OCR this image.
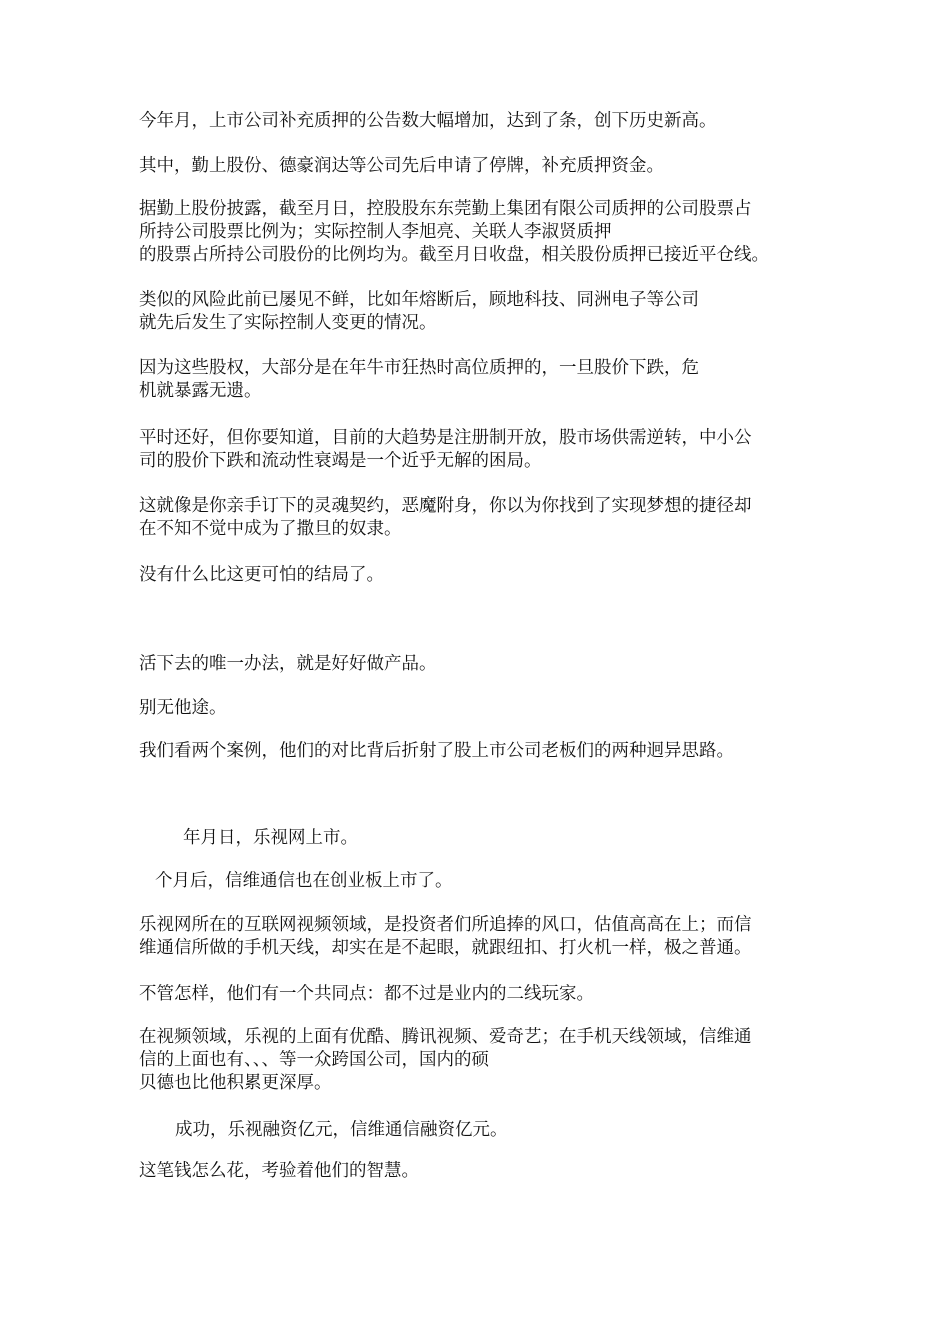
今年月，上市公司补充质押的公告数大幅增加，达到了条，创下历史新高。

其中，勤上股份、德豪润达等公司先后申请了停牌，补充质押资金。

据勤上股份披露，截至月日，控股股东东莞勤上集团有限公司质押的公司股票占
所持公司股票比例为；实际控制人李旭亮、关联人李淑贤质押
的股票占所持公司股份的比例均为。截至月日收盘，相关股份质押已接近平仓线。

类似的风险此前已屡见不鲜，比如年熔断后，顾地科技、同洲电子等公司
就先后发生了实际控制人变更的情况。

因为这些股权，大部分是在年牛市狂热时高位质押的，一旦股价下跌，危
机就暴露无遗。

平时还好，但你要知道，目前的大趋势是注册制开放，股市场供需逆转，中小公
司的股价下跌和流动性衰竭是一个近乎无解的困局。

这就像是你亲手订下的灵魂契约，恶魔附身，你以为你找到了实现梦想的捷径却
在不知不觉中成为了撒旦的奴隶。

没有什么比这更可怕的结局了。

活下去的唯一办法，就是好好做产品。

别无他途。

我们看两个案例，他们的对比背后折射了股上市公司老板们的两种迥异思路。

年月日，乐视网上市。

个月后，信维通信也在创业板上市了。

乐视网所在的互联网视频领域，是投资者们所追捧的风口，估值高高在上；而信
维通信所做的手机天线，却实在是不起眼，就跟纽扣、打火机一样，极之普通。

不管怎样，他们有一个共同点：都不过是业内的二线玩家。

在视频领域，乐视的上面有优酷、腾讯视频、爱奇艺；在手机天线领域，信维通
信的上面也有、、、等一众跨国公司，国内的硕
贝德也比他积累更深厚。

成功，乐视融资亿元，信维通信融资亿元。

这笔钱怎么花，考验着他们的智慧。
